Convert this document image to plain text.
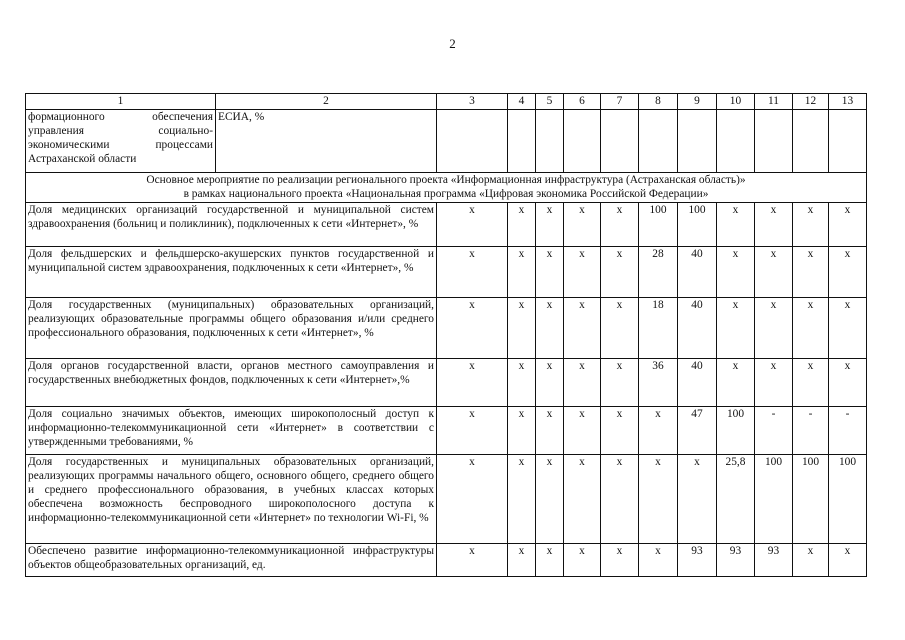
2
1	2	3	4	5	6	7	8	9	10	11	12	13
формационного обеспечения управления социально-экономическими процессами Астраханской области	ЕСИА, %											

Основное мероприятие по реализации регионального проекта «Информационная инфраструктура (Астраханская область)»
в рамках национального проекта «Национальная программа «Цифровая экономика Российской Федерации»												

Доля медицинских организаций государственной и муниципальной систем здравоохранения (больниц и поликлиник), подключенных к сети «Интернет», %		x	x	x	x	x	100	100	x	x	x	x
Доля фельдшерских и фельдшерско-акушерских пунктов государственной и муниципальной систем здравоохранения, подключенных к сети «Интернет», %		x	x	x	x	x	28	40	x	x	x	x
Доля государственных (муниципальных) образовательных организаций, реализующих образовательные программы общего образования и/или среднего профессионального образования, подключенных к сети «Интернет», %		x	x	x	x	x	18	40	x	x	x	x
Доля органов государственной власти, органов местного самоуправления и государственных внебюджетных фондов, подключенных к сети «Интернет»,%		x	x	x	x	x	36	40	x	x	x	x
Доля социально значимых объектов, имеющих широкополосный доступ к информационно-телекоммуникационной сети «Интернет» в соответствии с утвержденными требованиями, %		x	x	x	x	x	x	47	100	-	-	-
Доля государственных и муниципальных образовательных организаций, реализующих программы начального общего, основного общего, среднего общего и среднего профессионального образования, в учебных классах которых обеспечена возможность беспроводного широкополосного доступа к информационно-телекоммуникационной сети «Интернет» по технологии Wi-Fi, %		x	x	x	x	x	x	x	25,8	100	100	100
Обеспечено развитие информационно-телекоммуникационной инфраструктуры объектов общеобразовательных организаций, ед.		x	x	x	x	x	x	93	93	93	x	x
